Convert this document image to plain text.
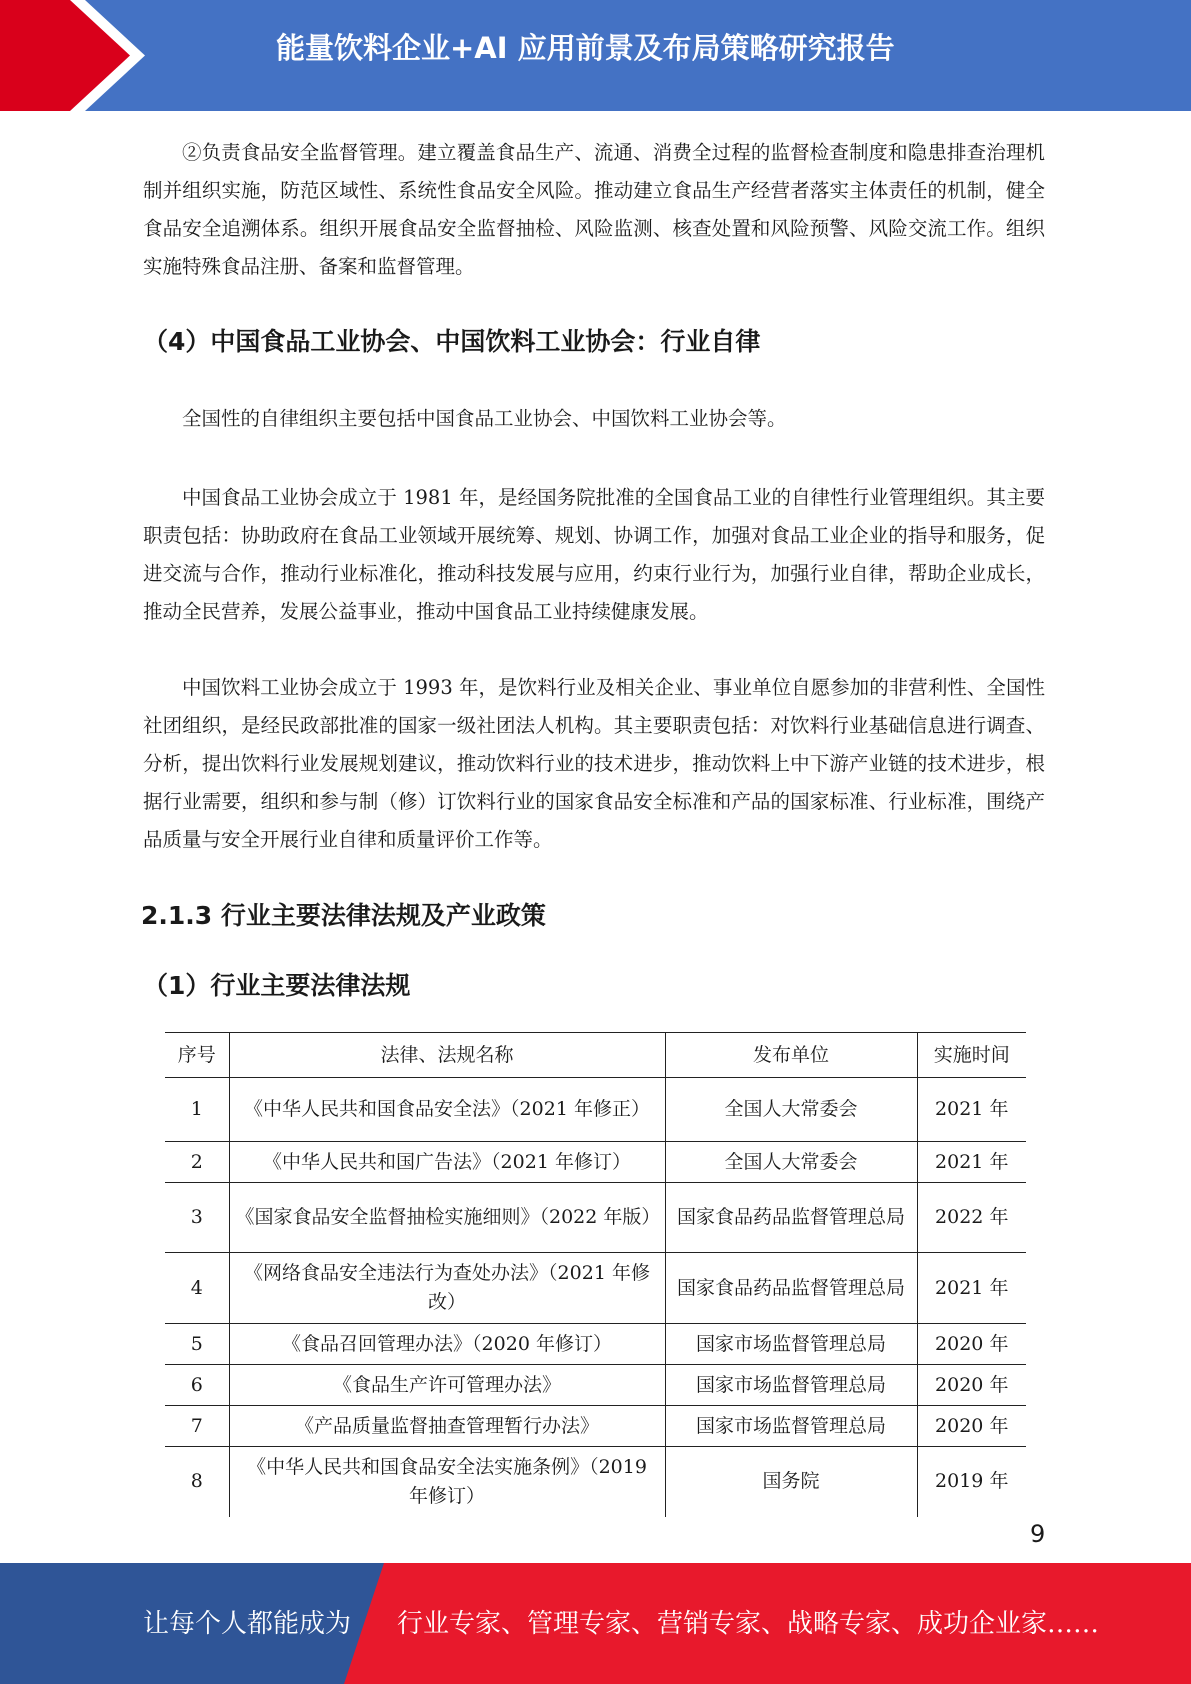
能量饮料企业+AI 应用前景及布局策略研究报告

②负责食品安全监督管理。建立覆盖食品生产、流通、消费全过程的监督检查制度和隐患排查治理机制并组织实施，防范区域性、系统性食品安全风险。推动建立食品生产经营者落实主体责任的机制，健全食品安全追溯体系。组织开展食品安全监督抽检、风险监测、核查处置和风险预警、风险交流工作。组织实施特殊食品注册、备案和监督管理。

（4）中国食品工业协会、中国饮料工业协会：行业自律

全国性的自律组织主要包括中国食品工业协会、中国饮料工业协会等。

中国食品工业协会成立于 1981 年，是经国务院批准的全国食品工业的自律性行业管理组织。其主要职责包括：协助政府在食品工业领域开展统筹、规划、协调工作，加强对食品工业企业的指导和服务，促进交流与合作，推动行业标准化，推动科技发展与应用，约束行业行为，加强行业自律，帮助企业成长，推动全民营养，发展公益事业，推动中国食品工业持续健康发展。

中国饮料工业协会成立于 1993 年，是饮料行业及相关企业、事业单位自愿参加的非营利性、全国性社团组织，是经民政部批准的国家一级社团法人机构。其主要职责包括：对饮料行业基础信息进行调查、分析，提出饮料行业发展规划建议，推动饮料行业的技术进步，推动饮料上中下游产业链的技术进步，根据行业需要，组织和参与制（修）订饮料行业的国家食品安全标准和产品的国家标准、行业标准，围绕产品质量与安全开展行业自律和质量评价工作等。

2.1.3 行业主要法律法规及产业政策
（1）行业主要法律法规
序号	法律、法规名称	发布单位	实施时间
1	《中华人民共和国食品安全法》（2021 年修正）	全国人大常委会	2021 年
2	《中华人民共和国广告法》（2021 年修订）	全国人大常委会	2021 年
3	《国家食品安全监督抽检实施细则》（2022 年版）	国家食品药品监督管理总局	2022 年
4	《网络食品安全违法行为查处办法》（2021 年修改）	国家食品药品监督管理总局	2021 年
5	《食品召回管理办法》（2020 年修订）	国家市场监督管理总局	2020 年
6	《食品生产许可管理办法》	国家市场监督管理总局	2020 年
7	《产品质量监督抽查管理暂行办法》	国家市场监督管理总局	2020 年
8	《中华人民共和国食品安全法实施条例》（2019 年修订）	国务院	2019 年
9
让每个人都能成为 行业专家、管理专家、营销专家、战略专家、成功企业家……
